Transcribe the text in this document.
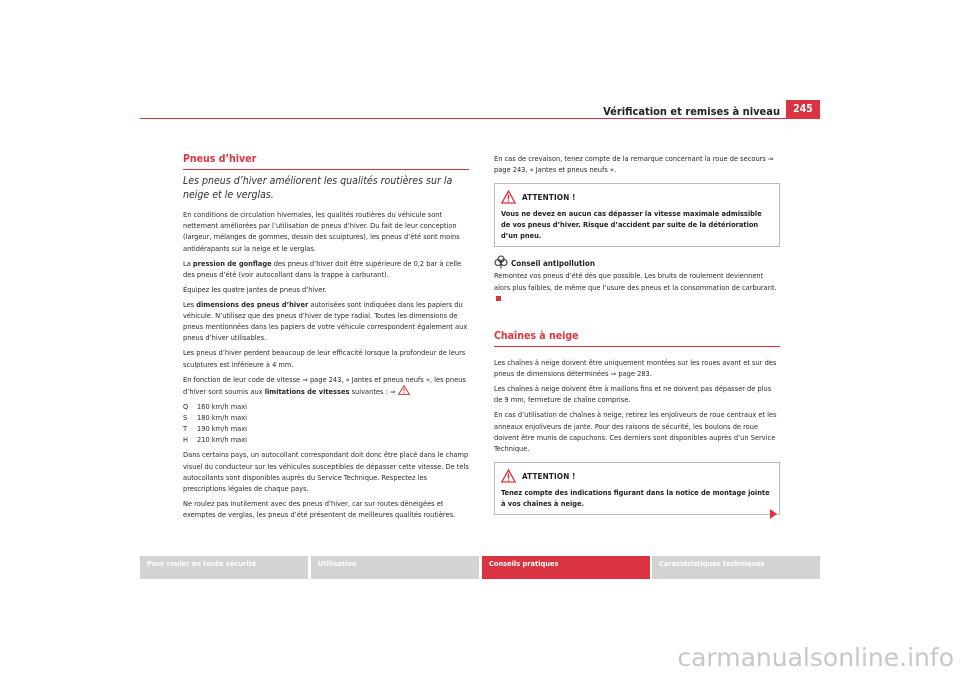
Vérification et remises à niveau	245
Pneus d’hiver
Les pneus d’hiver améliorent les qualités routières sur la neige et le verglas.

En conditions de circulation hivernales, les qualités routières du véhicule sont nettement améliorées par l’utilisation de pneus d’hiver. Du fait de leur conception (largeur, mélanges de gommes, dessin des sculptures), les pneus d’été sont moins antidérapants sur la neige et le verglas.

La pression de gonflage des pneus d’hiver doit être supérieure de 0,2 bar à celle des pneus d’été (voir autocollant dans la trappe à carburant).

Équipez les quatre jantes de pneus d’hiver.

Les dimensions des pneus d’hiver autorisées sont indiquées dans les papiers du véhicule. N’utilisez que des pneus d’hiver de type radial. Toutes les dimensions de pneus mentionnées dans les papiers de votre véhicule correspondent également aux pneus d’hiver utilisables.

Les pneus d’hiver perdent beaucoup de leur efficacité lorsque la profondeur de leurs sculptures est inférieure à 4 mm.

En fonction de leur code de vitesse ⇒ page 243, « Jantes et pneus neufs », les pneus d’hiver sont soumis aux limitations de vitesses suivantes : ⇒

Q	160 km/h maxi
S	180 km/h maxi
T	190 km/h maxi
H	210 km/h maxi

Dans certains pays, un autocollant correspondant doit donc être placé dans le champ visuel du conducteur sur les véhicules susceptibles de dépasser cette vitesse. De tels autocollants sont disponibles auprès du Service Technique. Respectez les prescriptions légales de chaque pays.

Ne roulez pas inutilement avec des pneus d’hiver, car sur routes déneigées et exemptes de verglas, les pneus d’été présentent de meilleures qualités routières.

En cas de crevaison, tenez compte de la remarque concernant la roue de secours ⇒ page 243, « Jantes et pneus neufs ».

ATTENTION !
Vous ne devez en aucun cas dépasser la vitesse maximale admissible de vos pneus d’hiver. Risque d’accident par suite de la détérioration d’un pneu.
Conseil antipollution

Remontez vos pneus d’été dès que possible. Les bruits de roulement deviennent alors plus faibles, de même que l’usure des pneus et la consommation de carburant.

Chaînes à neige

Les chaînes à neige doivent être uniquement montées sur les roues avant et sur des pneus de dimensions déterminées ⇒ page 283.

Les chaînes à neige doivent être à maillons fins et ne doivent pas dépasser de plus de 9 mm, fermeture de chaîne comprise.

En cas d’utilisation de chaînes à neige, retirez les enjoliveurs de roue centraux et les anneaux enjoliveurs de jante. Pour des raisons de sécurité, les boulons de roue doivent être munis de capuchons. Ces derniers sont disponibles auprès d’un Service Technique.

ATTENTION !
Tenez compte des indications figurant dans la notice de montage jointe à vos chaînes à neige.
Pour rouler en toute sécurité	Utilisation	Conseils pratiques	Caractéristiques techniques
carmanualsonline.info
